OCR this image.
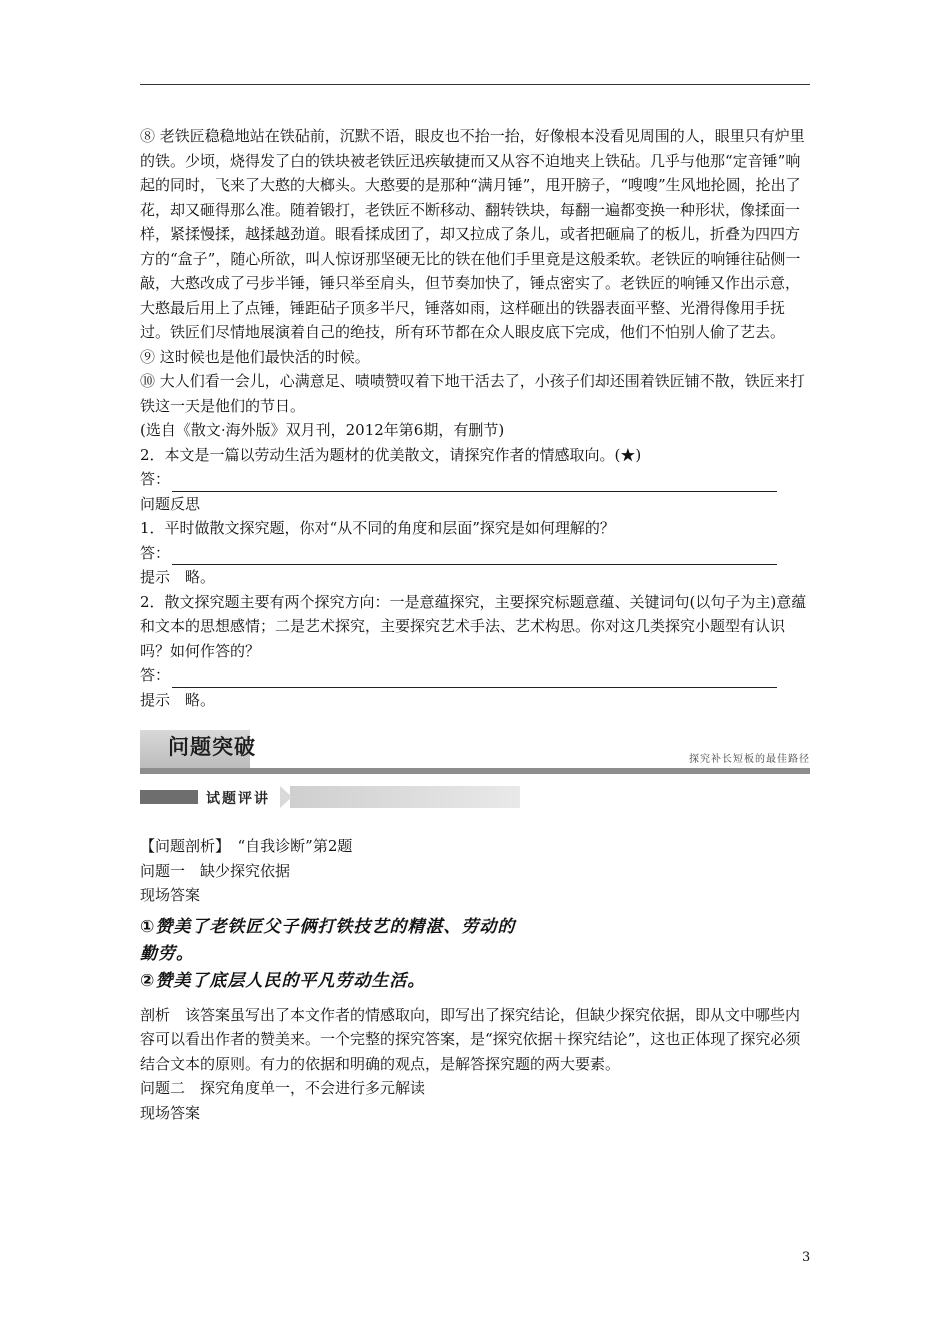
⑧ 老铁匠稳稳地站在铁砧前，沉默不语，眼皮也不抬一抬，好像根本没看见周围的人，眼里只有炉里的铁。少顷，烧得发了白的铁块被老铁匠迅疾敏捷而又从容不迫地夹上铁砧。几乎与他那“定音锤”响起的同时，飞来了大憨的大榔头。大憨要的是那种“满月锤”，甩开膀子，“嗖嗖”生风地抡圆，抡出了花，却又砸得那么准。随着锻打，老铁匠不断移动、翻转铁块，每翻一遍都变换一种形状，像揉面一样，紧揉慢揉，越揉越劲道。眼看揉成团了，却又拉成了条儿，或者把砸扁了的板儿，折叠为四四方方的“盒子”，随心所欲，叫人惊讶那坚硬无比的铁在他们手里竟是这般柔软。老铁匠的响锤往砧侧一敲，大憨改成了弓步半锤，锤只举至肩头，但节奏加快了，锤点密实了。老铁匠的响锤又作出示意，大憨最后用上了点锤，锤距砧子顶多半尺，锤落如雨，这样砸出的铁器表面平整、光滑得像用手抚过。铁匠们尽情地展演着自己的绝技，所有环节都在众人眼皮底下完成，他们不怕别人偷了艺去。

⑨ 这时候也是他们最快活的时候。

⑩ 大人们看一会儿，心满意足、啧啧赞叹着下地干活去了，小孩子们却还围着铁匠铺不散，铁匠来打铁这一天是他们的节日。

(选自《散文·海外版》双月刊，2012年第6期，有删节)

2．本文是一篇以劳动生活为题材的优美散文，请探究作者的情感取向。(★)

答：

问题反思

1．平时做散文探究题，你对“从不同的角度和层面”探究是如何理解的？

答：

提示　略。

2．散文探究题主要有两个探究方向：一是意蕴探究，主要探究标题意蕴、关键词句(以句子为主)意蕴和文本的思想感情；二是艺术探究，主要探究艺术手法、艺术构思。你对这几类探究小题型有认识吗？如何作答的？

答：

提示　略。

问题突破
探究补长短板的最佳路径
试题评讲

【问题剖析】　“自我诊断”第2题

问题一　缺少探究依据

现场答案

①赞美了老铁匠父子俩打铁技艺的精湛、劳动的
勤劳。
②赞美了底层人民的平凡劳动生活。

剖析　该答案虽写出了本文作者的情感取向，即写出了探究结论，但缺少探究依据，即从文中哪些内容可以看出作者的赞美来。一个完整的探究答案，是“探究依据＋探究结论”，这也正体现了探究必须结合文本的原则。有力的依据和明确的观点，是解答探究题的两大要素。

问题二　探究角度单一，不会进行多元解读

现场答案

3
